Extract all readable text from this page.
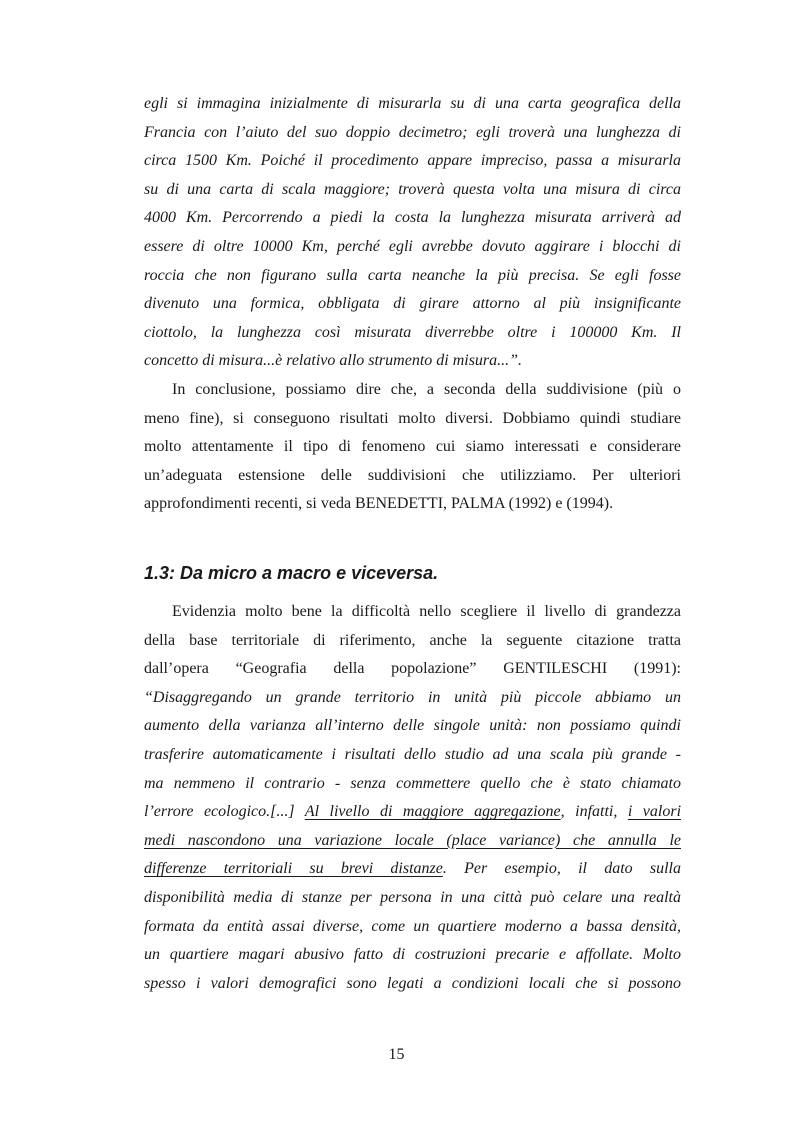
egli si immagina inizialmente di misurarla su di una carta geografica della
Francia con l’aiuto del suo doppio decimetro; egli troverà una lunghezza di
circa 1500 Km. Poiché il procedimento appare impreciso, passa a misurarla
su di una carta di scala maggiore; troverà questa volta una misura di circa
4000 Km. Percorrendo a piedi la costa la lunghezza misurata arriverà ad
essere di oltre 10000 Km, perché egli avrebbe dovuto aggirare i blocchi di
roccia che non figurano sulla carta neanche la più precisa. Se egli fosse
divenuto una formica, obbligata di girare attorno al più insignificante
ciottolo, la lunghezza così misurata diverrebbe oltre i 100000 Km. Il
concetto di misura...è relativo allo strumento di misura...”.
In conclusione, possiamo dire che, a seconda della suddivisione (più o
meno fine), si conseguono risultati molto diversi. Dobbiamo quindi studiare
molto attentamente il tipo di fenomeno cui siamo interessati e considerare
un’adeguata estensione delle suddivisioni che utilizziamo. Per ulteriori
approfondimenti recenti, si veda BENEDETTI, PALMA (1992) e (1994).
1.3: Da micro a macro e viceversa.
Evidenzia molto bene la difficoltà nello scegliere il livello di grandezza
della base territoriale di riferimento, anche la seguente citazione tratta
dall’opera “Geografia della popolazione” GENTILESCHI (1991):
“Disaggregando un grande territorio in unità più piccole abbiamo un
aumento della varianza all’interno delle singole unità: non possiamo quindi
trasferire automaticamente i risultati dello studio ad una scala più grande -
ma nemmeno il contrario - senza commettere quello che è stato chiamato
l’errore ecologico.[...] Al livello di maggiore aggregazione, infatti, i valori
medi nascondono una variazione locale (place variance) che annulla le
differenze territoriali su brevi distanze. Per esempio, il dato sulla
disponibilità media di stanze per persona in una città può celare una realtà
formata da entità assai diverse, come un quartiere moderno a bassa densità,
un quartiere magari abusivo fatto di costruzioni precarie e affollate. Molto
spesso i valori demografici sono legati a condizioni locali che si possono
15
